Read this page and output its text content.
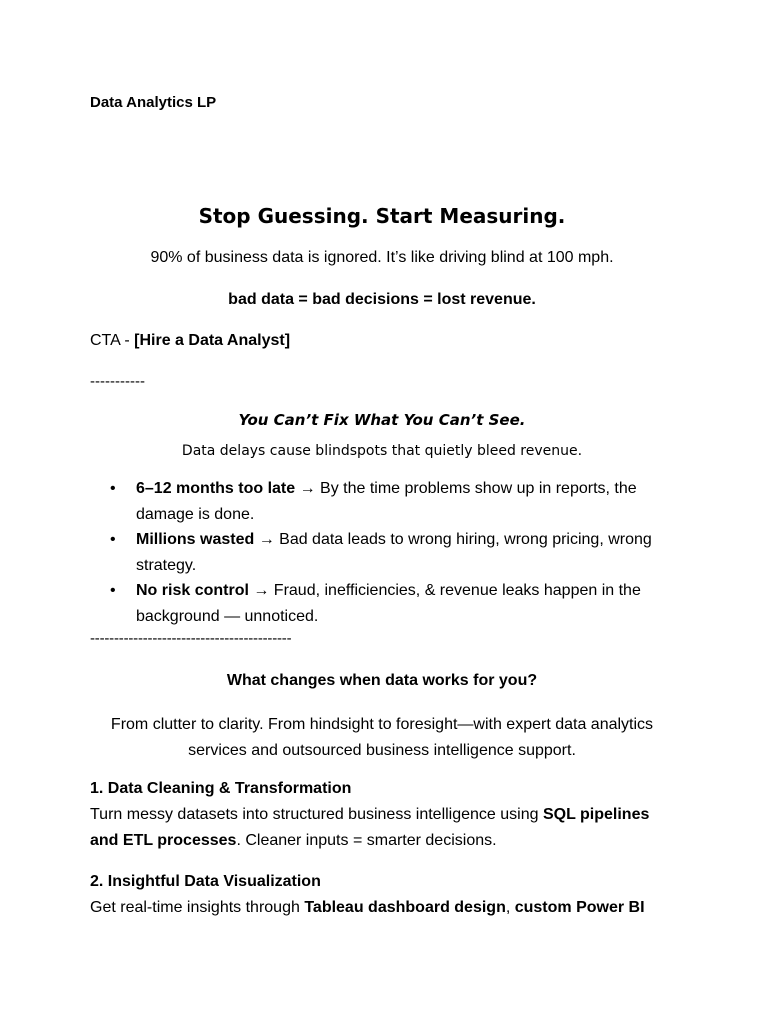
Data Analytics LP

Stop Guessing. Start Measuring.

90% of business data is ignored. It’s like driving blind at 100 mph.

bad data = bad decisions = lost revenue.

CTA - [Hire a Data Analyst]

-----------

You Can’t Fix What You Can’t See.

Data delays cause blindspots that quietly bleed revenue.

• 6–12 months too late → By the time problems show up in reports, the damage is done.
• Millions wasted → Bad data leads to wrong hiring, wrong pricing, wrong strategy.
• No risk control → Fraud, inefficiencies, & revenue leaks happen in the background — unnoticed.

------------------------------------------

What changes when data works for you?

From clutter to clarity. From hindsight to foresight—with expert data analytics services and outsourced business intelligence support.

1. Data Cleaning & Transformation

Turn messy datasets into structured business intelligence using SQL pipelines and ETL processes. Cleaner inputs = smarter decisions.

2. Insightful Data Visualization

Get real-time insights through Tableau dashboard design, custom Power BI
